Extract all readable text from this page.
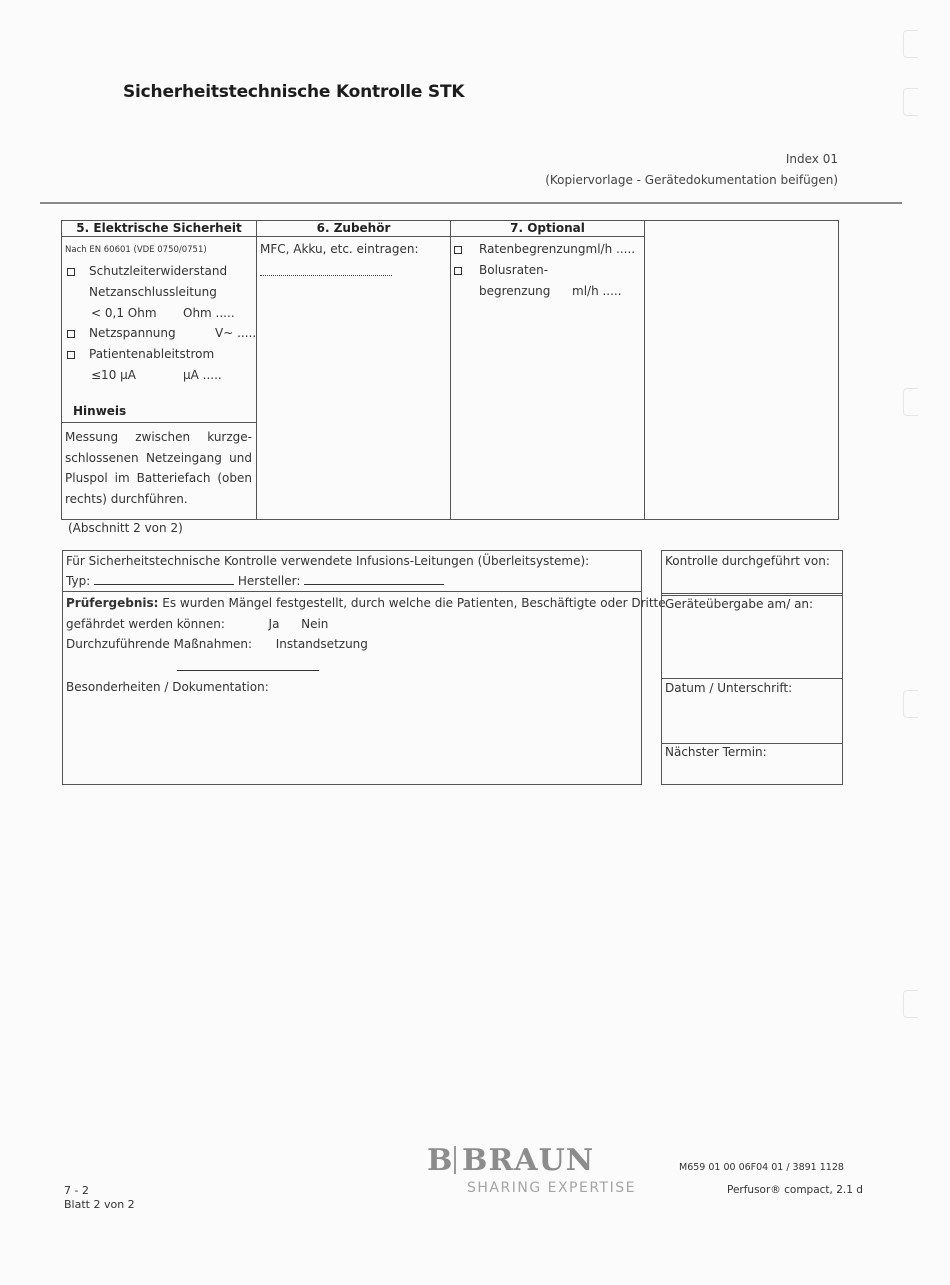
Sicherheitstechnische Kontrolle STK
Index 01
(Kopiervorlage - Gerätedokumentation beifügen)
5. Elektrische Sicherheit
Nach EN 60601 (VDE 0750/0751)
Schutzleiterwiderstand
Netzanschlussleitung
< 0,1 Ohm Ohm .....
Netzspannung	V~ .....
Patientenableitstrom
≤10 µA	µA .....
Hinweis
Messung zwischen kurzge-
schlossenen Netzeingang und
Pluspol im Batteriefach (oben
rechts) durchführen.
6. Zubehör
MFC, Akku, etc. eintragen:
7. Optional
Ratenbegrenzungml/h .....
Bolusraten-
begrenzung ml/h .....
(Abschnitt 2 von 2)
Für Sicherheitstechnische Kontrolle verwendete Infusions-Leitungen (Überleitsysteme):
Typ:	Hersteller:
Prüfergebnis: Es wurden Mängel festgestellt, durch welche die Patienten, Beschäftigte oder Dritte
gefährdet werden können:	Ja Nein
Durchzuführende Maßnahmen: Instandsetzung
Besonderheiten / Dokumentation:
Kontrolle durchgeführt von:
Geräteübergabe am/ an:
Datum / Unterschrift:
Nächster Termin:
7 - 2
Blatt 2 von 2
B BRAUN
SHARING EXPERTISE
M659 01 00 06F04 01 / 3891 1128
Perfusor® compact, 2.1 d
